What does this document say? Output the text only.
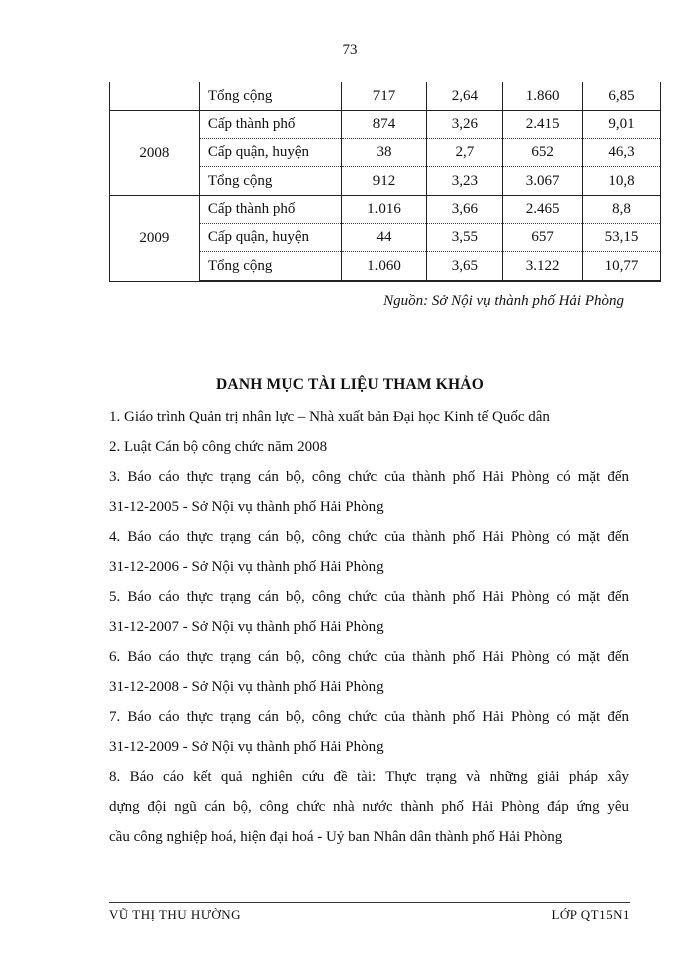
73
	Tổng cộng	717	2,64	1.860	6,85
2008	Cấp thành phố	874	3,26	2.415	9,01
	Cấp quận, huyện	38	2,7	652	46,3
	Tổng cộng	912	3,23	3.067	10,8
2009	Cấp thành phố	1.016	3,66	2.465	8,8
	Cấp quận, huyện	44	3,55	657	53,15
	Tổng cộng	1.060	3,65	3.122	10,77
Nguồn: Sở Nội vụ thành phố Hải Phòng
DANH MỤC TÀI LIỆU THAM KHẢO
1. Giáo trình Quản trị nhân lực – Nhà xuất bản Đại học Kinh tế Quốc dân
2. Luật Cán bộ công chức năm 2008
3. Báo cáo thực trạng cán bộ, công chức của thành phố Hải Phòng có mặt đến
31-12-2005 - Sở Nội vụ thành phố Hải Phòng
4. Báo cáo thực trạng cán bộ, công chức của thành phố Hải Phòng có mặt đến
31-12-2006 - Sở Nội vụ thành phố Hải Phòng
5. Báo cáo thực trạng cán bộ, công chức của thành phố Hải Phòng có mặt đến
31-12-2007 - Sở Nội vụ thành phố Hải Phòng
6. Báo cáo thực trạng cán bộ, công chức của thành phố Hải Phòng có mặt đến
31-12-2008 - Sở Nội vụ thành phố Hải Phòng
7. Báo cáo thực trạng cán bộ, công chức của thành phố Hải Phòng có mặt đến
31-12-2009 - Sở Nội vụ thành phố Hải Phòng
8. Báo cáo kết quả nghiên cứu đề tài: Thực trạng và những giải pháp xây
dựng đội ngũ cán bộ, công chức nhà nước thành phố Hải Phòng đáp ứng yêu
cầu công nghiệp hoá, hiện đại hoá - Uỷ ban Nhân dân thành phố Hải Phòng
VŨ THỊ THU HƯỜNG	LỚP QT15N1
